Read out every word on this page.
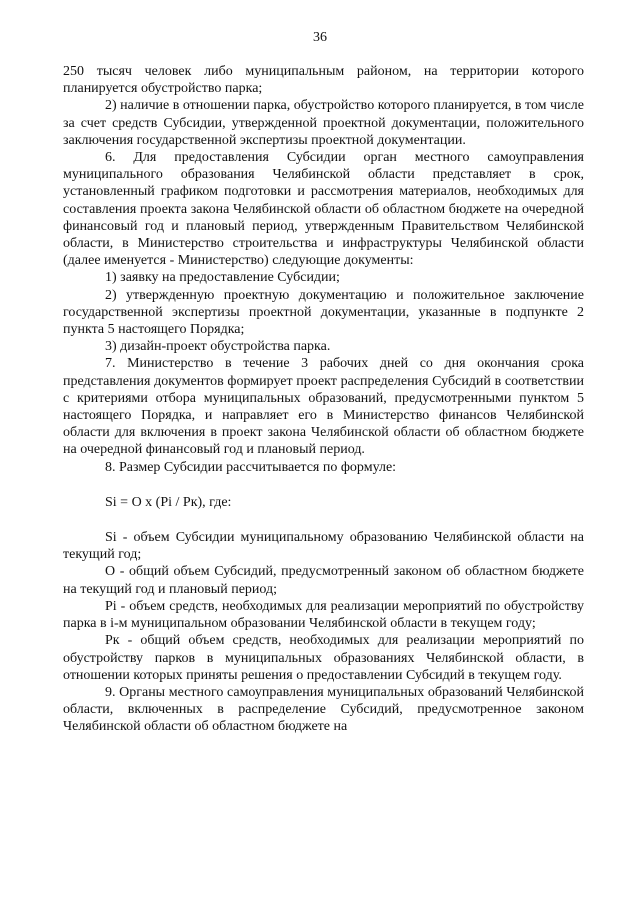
36

250 тысяч человек либо муниципальным районом, на территории которого планируется обустройство парка;

2) наличие в отношении парка, обустройство которого планируется, в том числе за счет средств Субсидии, утвержденной проектной документации, положительного заключения государственной экспертизы проектной документации.

6. Для предоставления Субсидии орган местного самоуправления муниципального образования Челябинской области представляет в срок, установленный графиком подготовки и рассмотрения материалов, необходимых для составления проекта закона Челябинской области об областном бюджете на очередной финансовый год и плановый период, утвержденным Правительством Челябинской области, в Министерство строительства и инфраструктуры Челябинской области (далее именуется - Министерство) следующие документы:

1) заявку на предоставление Субсидии;

2) утвержденную проектную документацию и положительное заключение государственной экспертизы проектной документации, указанные в подпункте 2 пункта 5 настоящего Порядка;

3) дизайн-проект обустройства парка.

7. Министерство в течение 3 рабочих дней со дня окончания срока представления документов формирует проект распределения Субсидий в соответствии с критериями отбора муниципальных образований, предусмотренными пунктом 5 настоящего Порядка, и направляет его в Министерство финансов Челябинской области для включения в проект закона Челябинской области об областном бюджете на очередной финансовый год и плановый период.

8. Размер Субсидии рассчитывается по формуле:

Si = O x (Pi / Pк), где:

Si - объем Субсидии муниципальному образованию Челябинской области на текущий год;

O - общий объем Субсидий, предусмотренный законом об областном бюджете на текущий год и плановый период;

Pi - объем средств, необходимых для реализации мероприятий по обустройству парка в i-м муниципальном образовании Челябинской области в текущем году;

Pк - общий объем средств, необходимых для реализации мероприятий по обустройству парков в муниципальных образованиях Челябинской области, в отношении которых приняты решения о предоставлении Субсидий в текущем году.

9. Органы местного самоуправления муниципальных образований Челябинской области, включенных в распределение Субсидий, предусмотренное законом Челябинской области об областном бюджете на
